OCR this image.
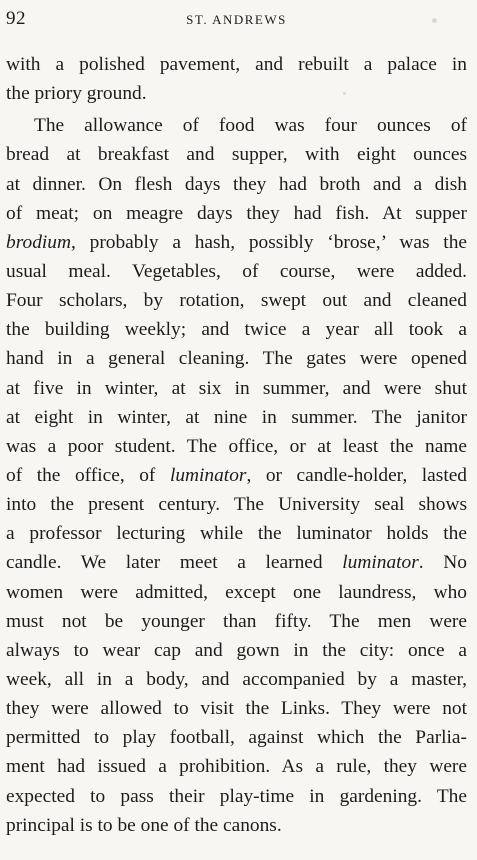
92	ST. ANDREWS
with a polished pavement, and rebuilt a palace in
the priory ground.
The allowance of food was four ounces of
bread at breakfast and supper, with eight ounces
at dinner. On flesh days they had broth and a dish
of meat; on meagre days they had fish. At supper
brodium, probably a hash, possibly ‘brose,’ was the
usual meal. Vegetables, of course, were added.
Four scholars, by rotation, swept out and cleaned
the building weekly; and twice a year all took a
hand in a general cleaning. The gates were opened
at five in winter, at six in summer, and were shut
at eight in winter, at nine in summer. The janitor
was a poor student. The office, or at least the name
of the office, of luminator, or candle-holder, lasted
into the present century. The University seal shows
a professor lecturing while the luminator holds the
candle. We later meet a learned luminator. No
women were admitted, except one laundress, who
must not be younger than fifty. The men were
always to wear cap and gown in the city: once a
week, all in a body, and accompanied by a master,
they were allowed to visit the Links. They were not
permitted to play football, against which the Parlia-
ment had issued a prohibition. As a rule, they were
expected to pass their play-time in gardening. The
principal is to be one of the canons.
